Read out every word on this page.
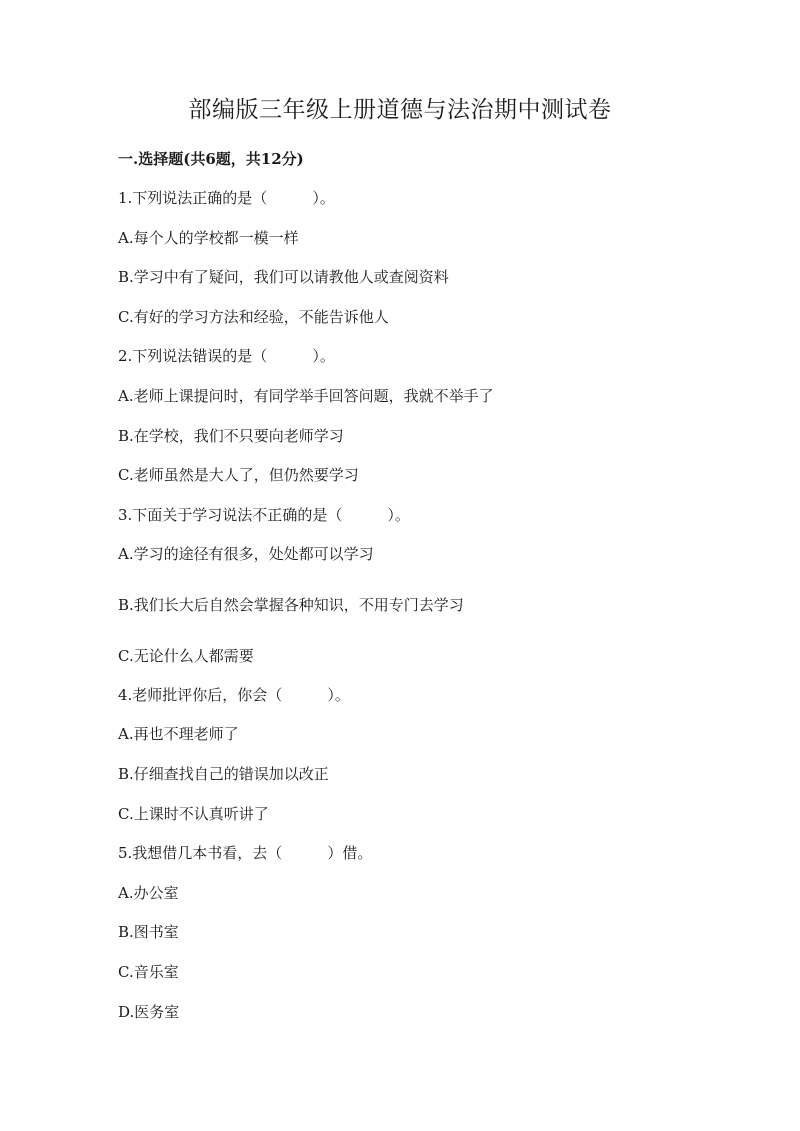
部编版三年级上册道德与法治期中测试卷
一.选择题(共6题，共12分)
1.下列说法正确的是（　　　）。
A.每个人的学校都一模一样
B.学习中有了疑问，我们可以请教他人或查阅资料
C.有好的学习方法和经验，不能告诉他人
2.下列说法错误的是（　　　）。
A.老师上课提问时，有同学举手回答问题，我就不举手了
B.在学校，我们不只要向老师学习
C.老师虽然是大人了，但仍然要学习
3.下面关于学习说法不正确的是（　　　）。
A.学习的途径有很多，处处都可以学习
B.我们长大后自然会掌握各种知识，不用专门去学习
C.无论什么人都需要
4.老师批评你后，你会（　　　）。
A.再也不理老师了
B.仔细查找自己的错误加以改正
C.上课时不认真听讲了
5.我想借几本书看，去（　　　）借。
A.办公室
B.图书室
C.音乐室
D.医务室
